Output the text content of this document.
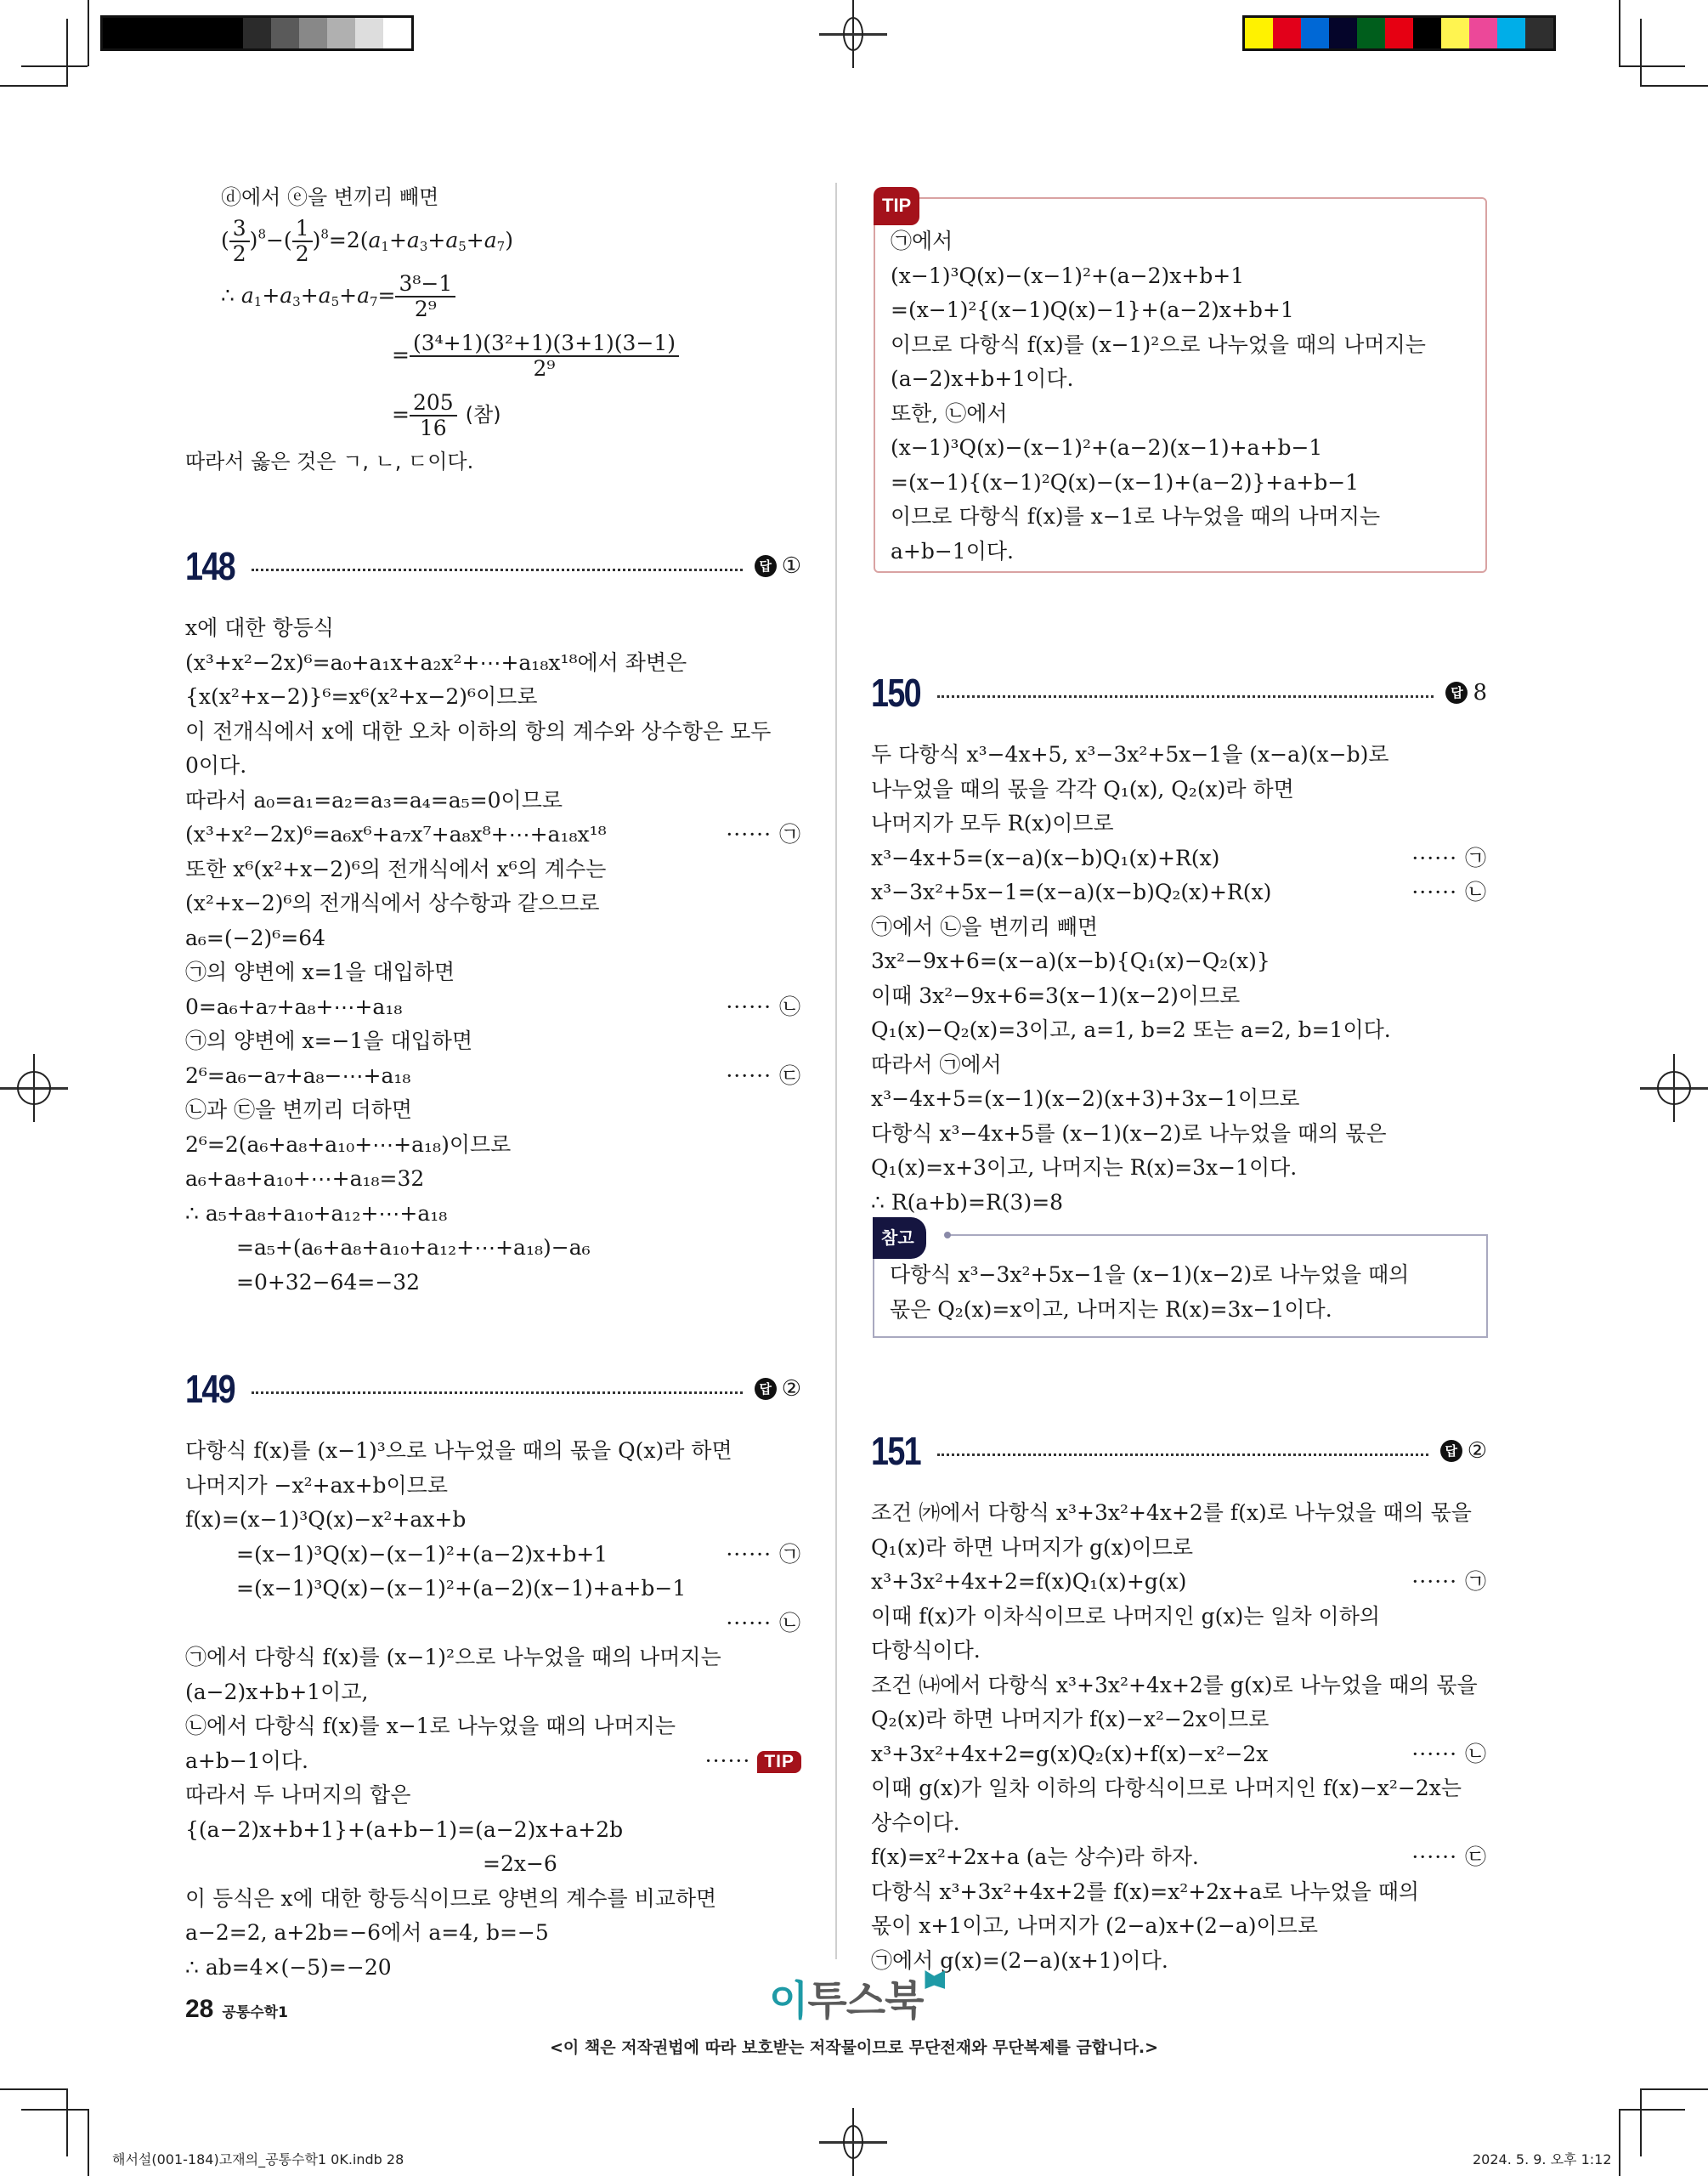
ⓓ에서 ⓔ을 변끼리 빼면
( $\frac{3}{2} )^8-( \frac{1}{2} )^8=2(a_1+a_3+a_5+a_7)$
∴ $a_1+a_3+a_5+a_7= \frac{\text{3⁸−1}}{\text{2⁹}}$
= $\frac{\text{(3⁴+1)(3²+1)(3+1)(3−1)}}{\text{2⁹}}$
= $\frac{205}{16}$ (참)
따라서 옳은 것은 ㄱ, ㄴ, ㄷ이다.
148	답 ①
x에 대한 항등식
(x³+x²−2x)⁶=a₀+a₁x+a₂x²+⋯+a₁₈x¹⁸에서 좌변은
{x(x²+x−2)}⁶=x⁶(x²+x−2)⁶이므로
이 전개식에서 x에 대한 오차 이하의 항의 계수와 상수항은 모두
0이다.
따라서 a₀=a₁=a₂=a₃=a₄=a₅=0이므로
(x³+x²−2x)⁶=a₆x⁶+a₇x⁷+a₈x⁸+⋯+a₁₈x¹⁸	······ ㉠
또한 x⁶(x²+x−2)⁶의 전개식에서 x⁶의 계수는
(x²+x−2)⁶의 전개식에서 상수항과 같으므로
a₆=(−2)⁶=64
㉠의 양변에 x=1을 대입하면
0=a₆+a₇+a₈+⋯+a₁₈	······ ㉡
㉠의 양변에 x=−1을 대입하면
2⁶=a₆−a₇+a₈−⋯+a₁₈	······ ㉢
㉡과 ㉢을 변끼리 더하면
2⁶=2(a₆+a₈+a₁₀+⋯+a₁₈)이므로
a₆+a₈+a₁₀+⋯+a₁₈=32
∴ a₅+a₈+a₁₀+a₁₂+⋯+a₁₈
=a₅+(a₆+a₈+a₁₀+a₁₂+⋯+a₁₈)−a₆
=0+32−64=−32
149	답 ②
다항식 f(x)를 (x−1)³으로 나누었을 때의 몫을 Q(x)라 하면
나머지가 −x²+ax+b이므로
f(x)=(x−1)³Q(x)−x²+ax+b
=(x−1)³Q(x)−(x−1)²+(a−2)x+b+1	······ ㉠
=(x−1)³Q(x)−(x−1)²+(a−2)(x−1)+a+b−1
······ ㉡
㉠에서 다항식 f(x)를 (x−1)²으로 나누었을 때의 나머지는
(a−2)x+b+1이고,
㉡에서 다항식 f(x)를 x−1로 나누었을 때의 나머지는
a+b−1이다.	······ TIP
따라서 두 나머지의 합은
{(a−2)x+b+1}+(a+b−1)=(a−2)x+a+2b
=2x−6
이 등식은 x에 대한 항등식이므로 양변의 계수를 비교하면
a−2=2, a+2b=−6에서 a=4, b=−5
∴ ab=4×(−5)=−20
TIP
㉠에서
(x−1)³Q(x)−(x−1)²+(a−2)x+b+1
=(x−1)²{(x−1)Q(x)−1}+(a−2)x+b+1
이므로 다항식 f(x)를 (x−1)²으로 나누었을 때의 나머지는
(a−2)x+b+1이다.
또한, ㉡에서
(x−1)³Q(x)−(x−1)²+(a−2)(x−1)+a+b−1
=(x−1){(x−1)²Q(x)−(x−1)+(a−2)}+a+b−1
이므로 다항식 f(x)를 x−1로 나누었을 때의 나머지는
a+b−1이다.
150	답 8
두 다항식 x³−4x+5, x³−3x²+5x−1을 (x−a)(x−b)로
나누었을 때의 몫을 각각 Q₁(x), Q₂(x)라 하면
나머지가 모두 R(x)이므로
x³−4x+5=(x−a)(x−b)Q₁(x)+R(x)	······ ㉠
x³−3x²+5x−1=(x−a)(x−b)Q₂(x)+R(x)	······ ㉡
㉠에서 ㉡을 변끼리 빼면
3x²−9x+6=(x−a)(x−b){Q₁(x)−Q₂(x)}
이때 3x²−9x+6=3(x−1)(x−2)이므로
Q₁(x)−Q₂(x)=3이고, a=1, b=2 또는 a=2, b=1이다.
따라서 ㉠에서
x³−4x+5=(x−1)(x−2)(x+3)+3x−1이므로
다항식 x³−4x+5를 (x−1)(x−2)로 나누었을 때의 몫은
Q₁(x)=x+3이고, 나머지는 R(x)=3x−1이다.
∴ R(a+b)=R(3)=8
참고
다항식 x³−3x²+5x−1을 (x−1)(x−2)로 나누었을 때의
몫은 Q₂(x)=x이고, 나머지는 R(x)=3x−1이다.
151	답 ②
조건 ㈎에서 다항식 x³+3x²+4x+2를 f(x)로 나누었을 때의 몫을
Q₁(x)라 하면 나머지가 g(x)이므로
x³+3x²+4x+2=f(x)Q₁(x)+g(x)	······ ㉠
이때 f(x)가 이차식이므로 나머지인 g(x)는 일차 이하의
다항식이다.
조건 ㈏에서 다항식 x³+3x²+4x+2를 g(x)로 나누었을 때의 몫을
Q₂(x)라 하면 나머지가 f(x)−x²−2x이므로
x³+3x²+4x+2=g(x)Q₂(x)+f(x)−x²−2x	······ ㉡
이때 g(x)가 일차 이하의 다항식이므로 나머지인 f(x)−x²−2x는
상수이다.
f(x)=x²+2x+a (a는 상수)라 하자.	······ ㉢
다항식 x³+3x²+4x+2를 f(x)=x²+2x+a로 나누었을 때의
몫이 x+1이고, 나머지가 (2−a)x+(2−a)이므로
㉠에서 g(x)=(2−a)(x+1)이다.
28 공통수학1	이 투스북
<이 책은 저작권법에 따라 보호받는 저작물이므로 무단전재와 무단복제를 금합니다.>
해서설(001-184)고재의_공통수학1 0K.indb 28	2024. 5. 9. 오후 1:12
